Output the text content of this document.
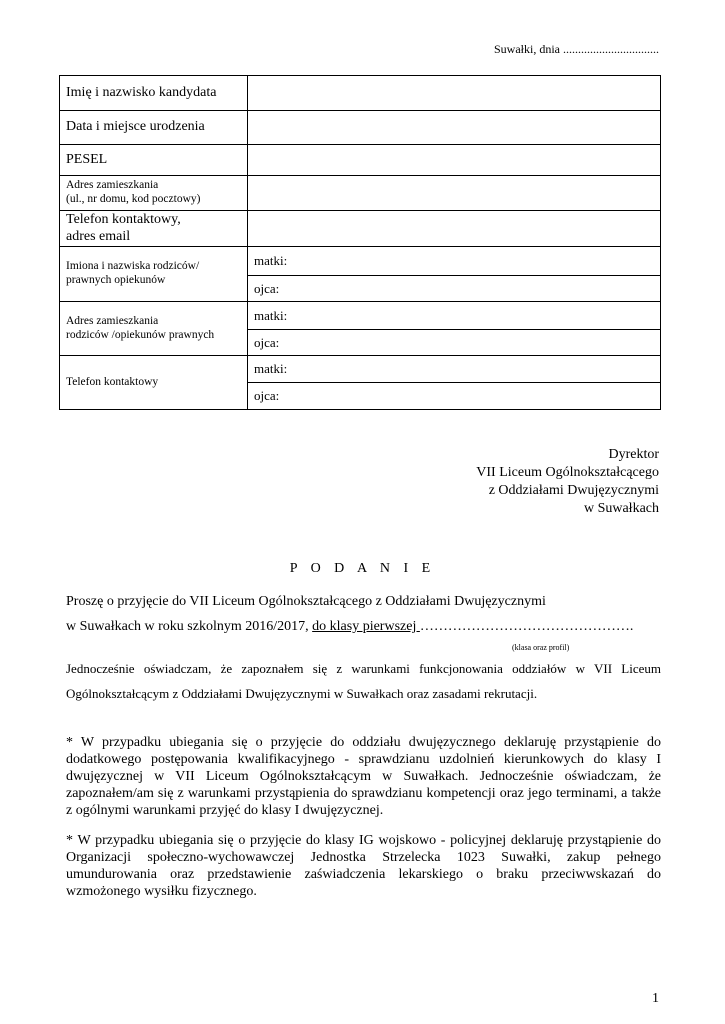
Suwałki, dnia ................................
Imię i nazwisko kandydata	
Data i miejsce urodzenia	
PESEL	

Adres zamieszkania
(ul., nr domu, kod pocztowy)	

Telefon kontaktowy,
adres email	

Imiona i nazwiska rodziców/
prawnych opiekunów	matki:
	ojca:

Adres zamieszkania
rodziców /opiekunów prawnych	matki:
	ojca:
Telefon kontaktowy	matki:
	ojca:
Dyrektor
VII Liceum Ogólnokształcącego
z Oddziałami Dwujęzycznymi
w Suwałkach
P O D A N I E
Proszę o przyjęcie do VII Liceum Ogólnokształcącego z Oddziałami Dwujęzycznymi
w Suwałkach w roku szkolnym 2016/2017, do klasy pierwszej ……………………………………….
(klasa oraz profil)
Jednocześnie oświadczam, że zapoznałem się z warunkami funkcjonowania oddziałów w VII Liceum
Ogólnokształcącym z Oddziałami Dwujęzycznymi w Suwałkach oraz zasadami rekrutacji.
* W przypadku ubiegania się o przyjęcie do oddziału dwujęzycznego deklaruję przystąpienie do dodatkowego postępowania kwalifikacyjnego - sprawdzianu uzdolnień kierunkowych do klasy I dwujęzycznej w VII Liceum Ogólnokształcącym w Suwałkach. Jednocześnie oświadczam, że zapoznałem/am się z warunkami przystąpienia do sprawdzianu kompetencji oraz jego terminami, a także z ogólnymi warunkami przyjęć do klasy I dwujęzycznej.
* W przypadku ubiegania się o przyjęcie do klasy IG wojskowo - policyjnej deklaruję przystąpienie do Organizacji społeczno-wychowawczej Jednostka Strzelecka 1023 Suwałki, zakup pełnego umundurowania oraz przedstawienie zaświadczenia lekarskiego o braku przeciwwskazań do wzmożonego wysiłku fizycznego.
1
